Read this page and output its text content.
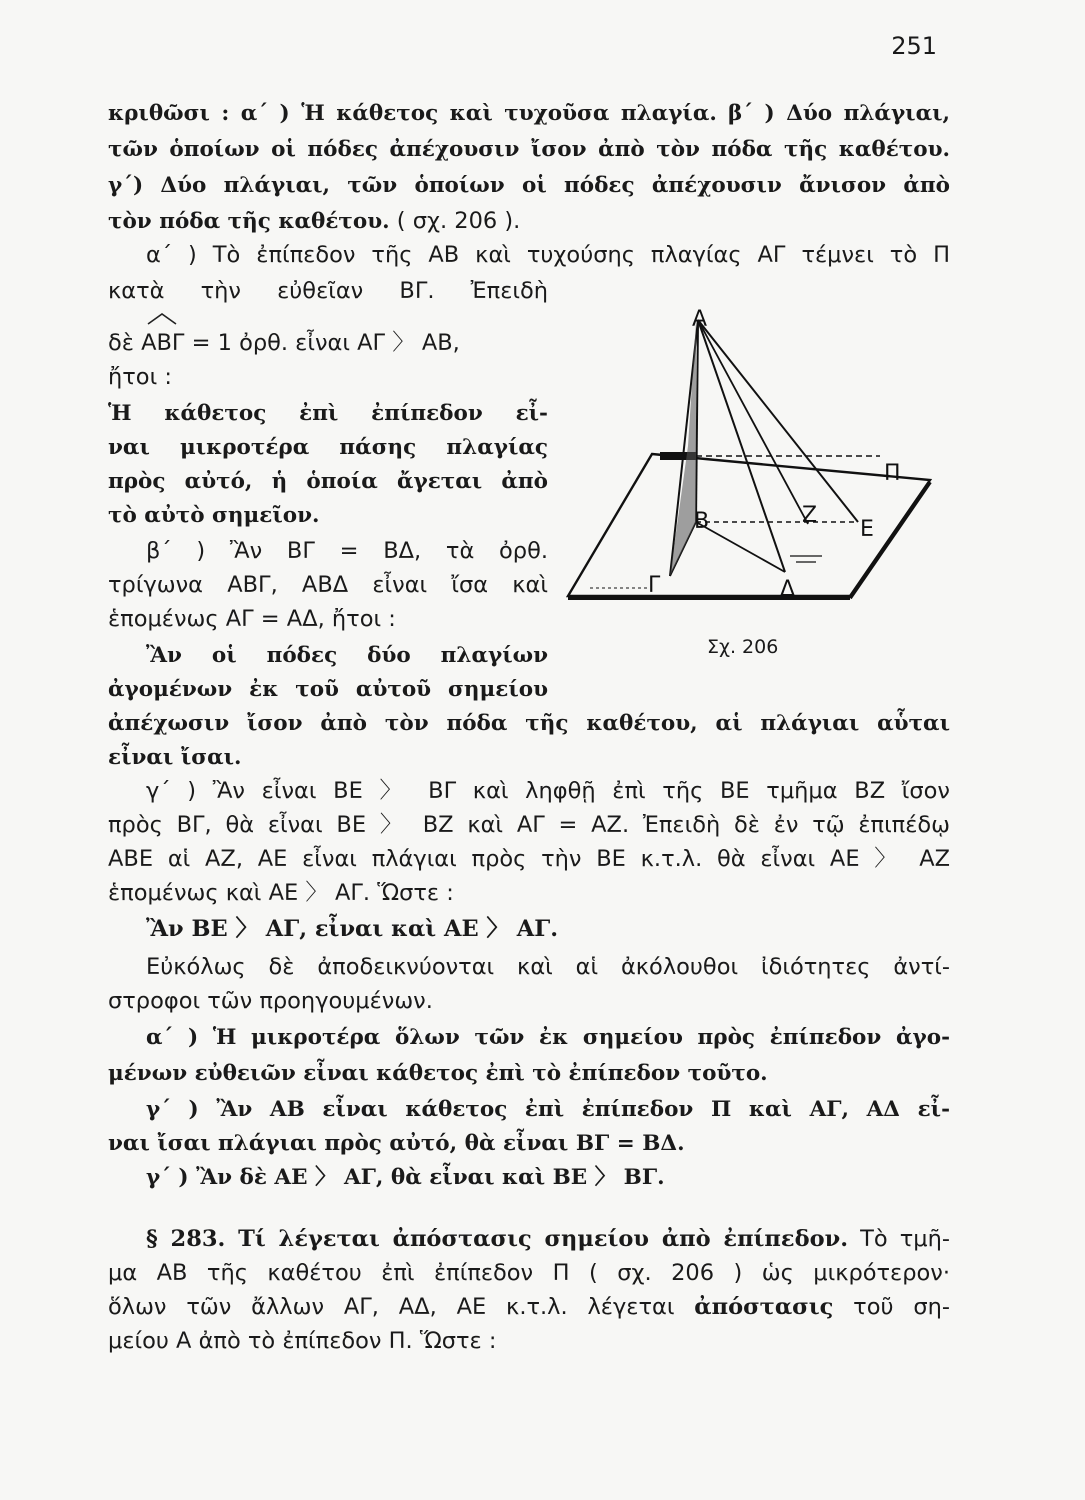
251

κριθῶσι : α΄ ) Ἡ κάθετος καὶ τυχοῦσα πλαγία. β΄ ) Δύο πλάγιαι,

τῶν ὁποίων οἱ πόδες ἀπέχουσιν ἴσον ἀπὸ τὸν πόδα τῆς καθέτου.

γ΄) Δύο πλάγιαι, τῶν ὁποίων οἱ πόδες ἀπέχουσιν ἄνισον ἀπὸ

τὸν πόδα τῆς καθέτου. ( σχ. 206 ).

α΄ ) Τὸ ἐπίπεδον τῆς ΑΒ καὶ τυχούσης πλαγίας ΑΓ τέμνει τὸ Π

κατὰ τὴν εὐθεῖαν ΒΓ. Ἐπειδὴ

δὲ ΑΒΓ = 1 ὀρθ. εἶναι ΑΓ 〉 ΑΒ,

ἤτοι :

Ἡ κάθετος ἐπὶ ἐπίπεδον εἶ-

ναι μικροτέρα πάσης πλαγίας

πρὸς αὐτό, ἡ ὁποία ἄγεται ἀπὸ

τὸ αὐτὸ σημεῖον.

β΄ ) Ἂν ΒΓ = ΒΔ, τὰ ὀρθ.

τρίγωνα ΑΒΓ, ΑΒΔ εἶναι ἴσα καὶ

ἑπομένως ΑΓ = ΑΔ, ἤτοι :

Ἂν οἱ πόδες δύο πλαγίων

ἀγομένων ἐκ τοῦ αὐτοῦ σημείου

ἀπέχωσιν ἴσον ἀπὸ τὸν πόδα τῆς καθέτου, αἱ πλάγιαι αὗται

εἶναι ἴσαι.

γ΄ ) Ἂν εἶναι ΒΕ 〉 ΒΓ καὶ ληφθῇ ἐπὶ τῆς ΒΕ τμῆμα ΒΖ ἴσον

πρὸς ΒΓ, θὰ εἶναι ΒΕ 〉 ΒΖ καὶ ΑΓ = ΑΖ. Ἐπειδὴ δὲ ἐν τῷ ἐπιπέδῳ

ΑΒΕ αἱ ΑΖ, ΑΕ εἶναι πλάγιαι πρὸς τὴν ΒΕ κ.τ.λ. θὰ εἶναι ΑΕ 〉 ΑΖ

ἑπομένως καὶ ΑΕ 〉 ΑΓ. Ὥστε :

Ἂν ΒΕ 〉 ΑΓ, εἶναι καὶ ΑΕ 〉 ΑΓ.

Εὐκόλως δὲ ἀποδεικνύονται καὶ αἱ ἀκόλουθοι ἰδιότητες ἀντί-

στροφοι τῶν προηγουμένων.

α΄ ) Ἡ μικροτέρα ὅλων τῶν ἐκ σημείου πρὸς ἐπίπεδον ἀγο-

μένων εὐθειῶν εἶναι κάθετος ἐπὶ τὸ ἐπίπεδον τοῦτο.

γ΄ ) Ἂν ΑΒ εἶναι κάθετος ἐπὶ ἐπίπεδον Π καὶ ΑΓ, ΑΔ εἶ-

ναι ἴσαι πλάγιαι πρὸς αὐτό, θὰ εἶναι ΒΓ = ΒΔ.

γ΄ ) Ἂν δὲ ΑΕ 〉 ΑΓ, θὰ εἶναι καὶ ΒΕ 〉 ΒΓ.

§ 283. Τί λέγεται ἀπόστασις σημείου ἀπὸ ἐπίπεδον. Τὸ τμῆ-

μα ΑΒ τῆς καθέτου ἐπὶ ἐπίπεδον Π ( σχ. 206 ) ὡς μικρότερον·

ὅλων τῶν ἄλλων ΑΓ, ΑΔ, ΑΕ κ.τ.λ. λέγεται ἀπόστασις τοῦ ση-

μείου Α ἀπὸ τὸ ἐπίπεδον Π. Ὥστε :

Α
Β
Γ	Δ
Ζ
Ε
Π
Σχ. 206
